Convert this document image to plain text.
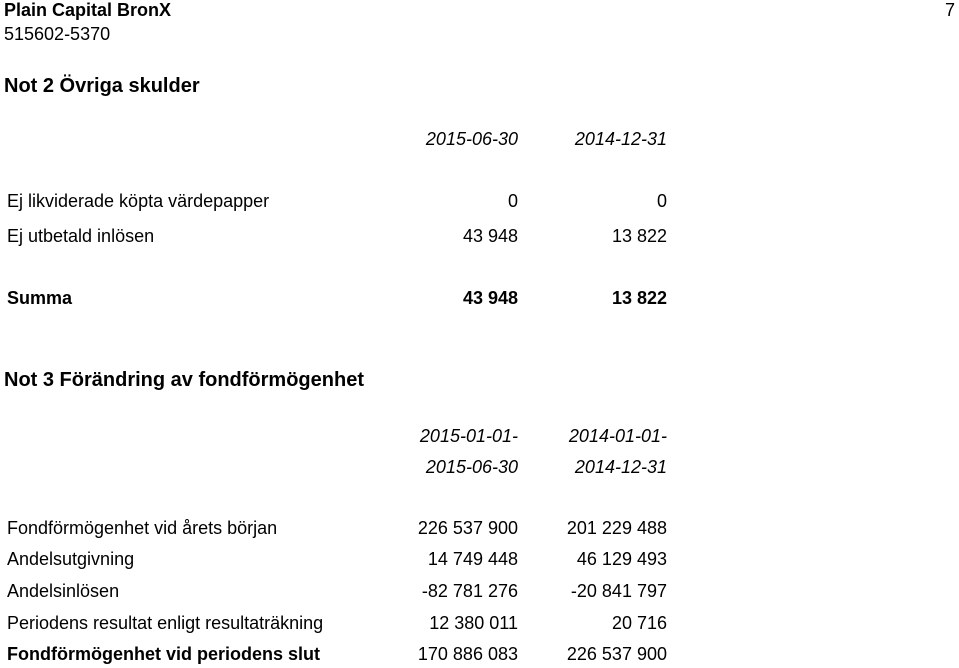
Plain Capital BronX
515602-5370
7
Not 2 Övriga skulder
2015-06-30	2014-12-31
Ej likviderade köpta värdepapper	0	0
Ej utbetald inlösen	43 948	13 822
Summa	43 948	13 822
Not 3 Förändring av fondförmögenhet
2015-01-01-	2014-01-01-
2015-06-30	2014-12-31
Fondförmögenhet vid årets början	226 537 900	201 229 488
Andelsutgivning	14 749 448	46 129 493
Andelsinlösen	-82 781 276	-20 841 797
Periodens resultat enligt resultaträkning	12 380 011	20 716
Fondförmögenhet vid periodens slut	170 886 083	226 537 900
